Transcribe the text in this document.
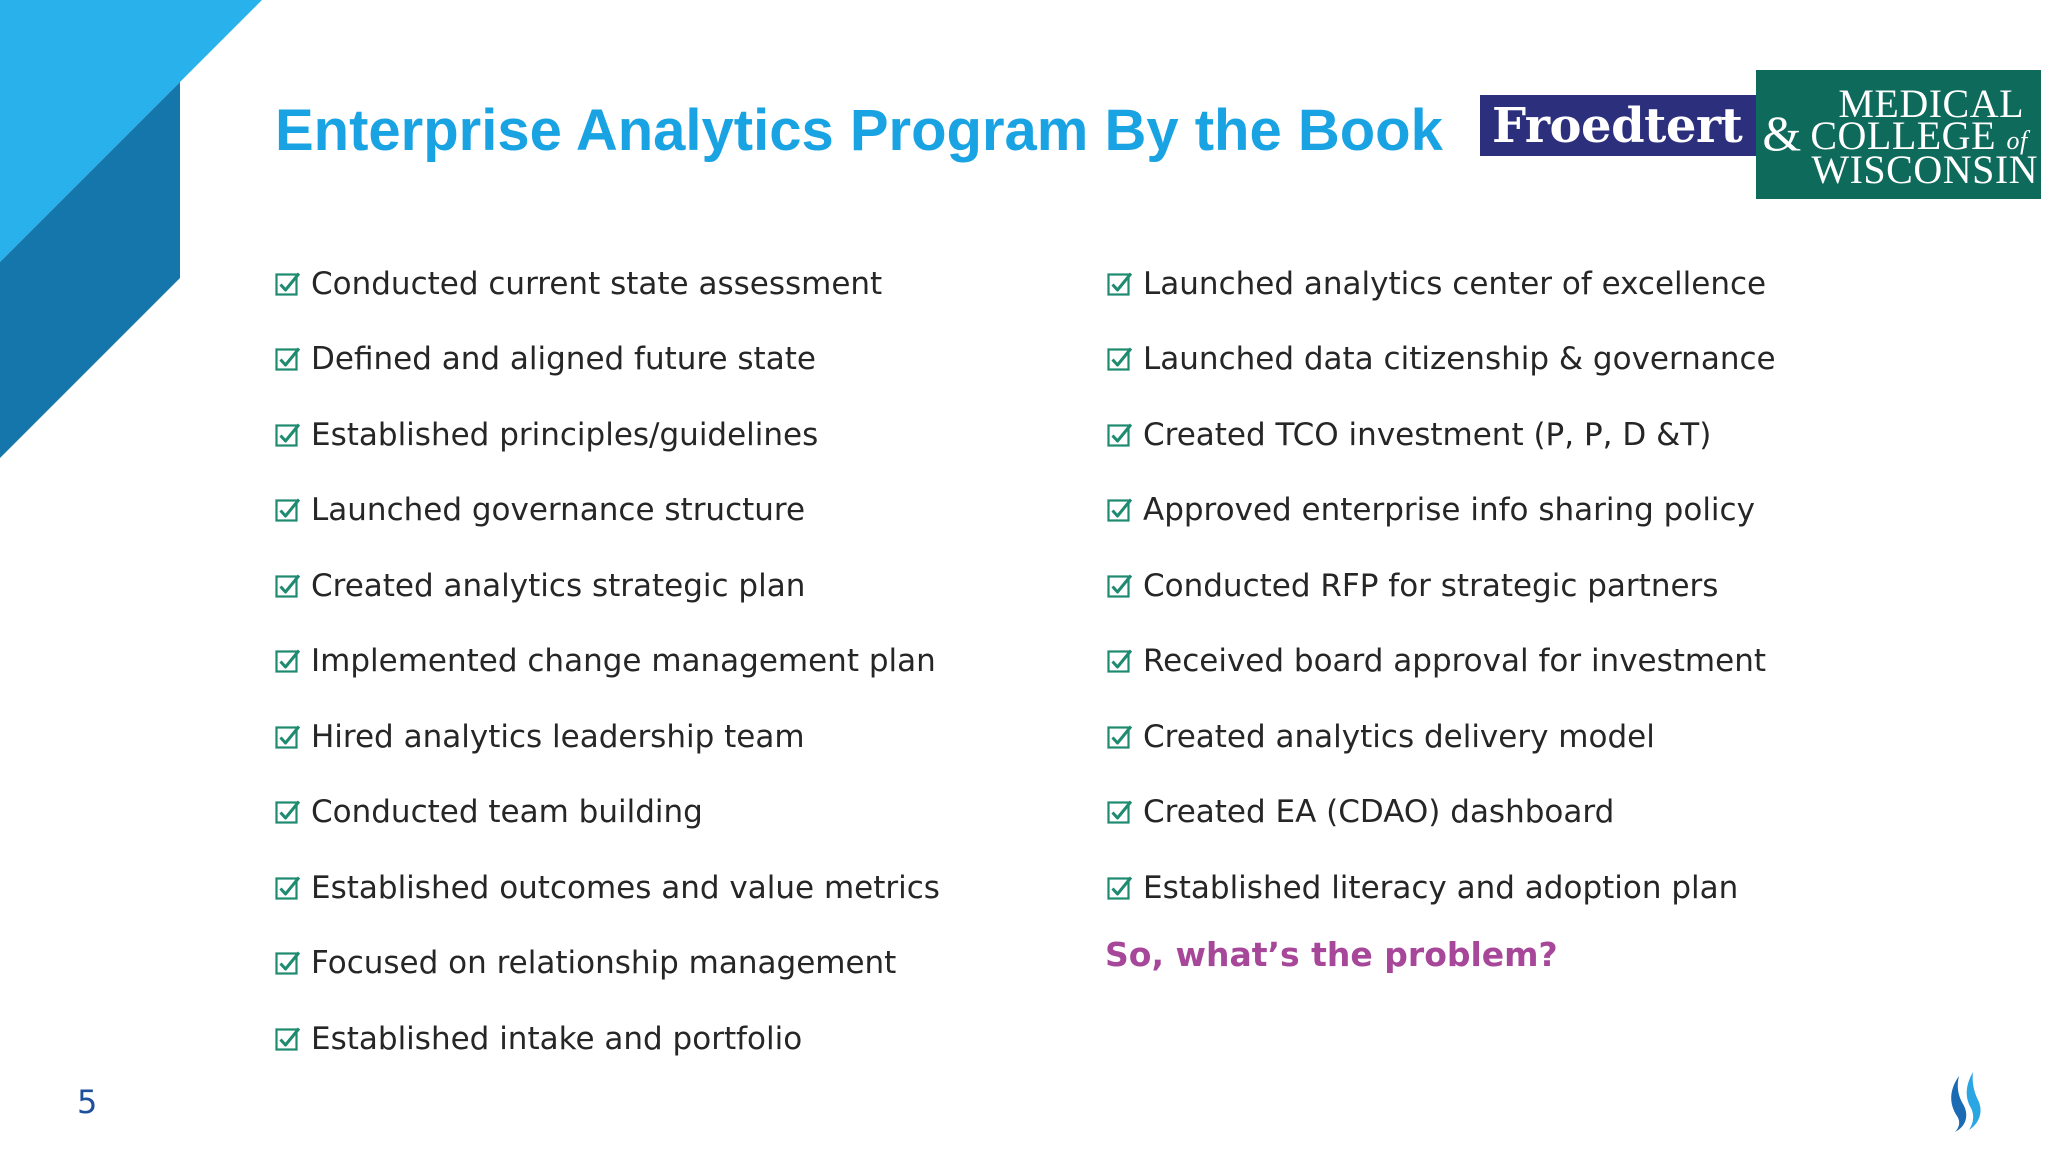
Enterprise Analytics Program By the Book Froedtert &
MEDICAL
COLLEGE of
WISCONSIN
Conducted current state assessment
Defined and aligned future state
Established principles/guidelines
Launched governance structure
Created analytics strategic plan
Implemented change management plan
Hired analytics leadership team
Conducted team building
Established outcomes and value metrics
Focused on relationship management
Established intake and portfolio
Launched analytics center of excellence
Launched data citizenship & governance
Created TCO investment (P, P, D &T)
Approved enterprise info sharing policy
Conducted RFP for strategic partners
Received board approval for investment
Created analytics delivery model
Created EA (CDAO) dashboard
Established literacy and adoption plan
So, what’s the problem?
5
